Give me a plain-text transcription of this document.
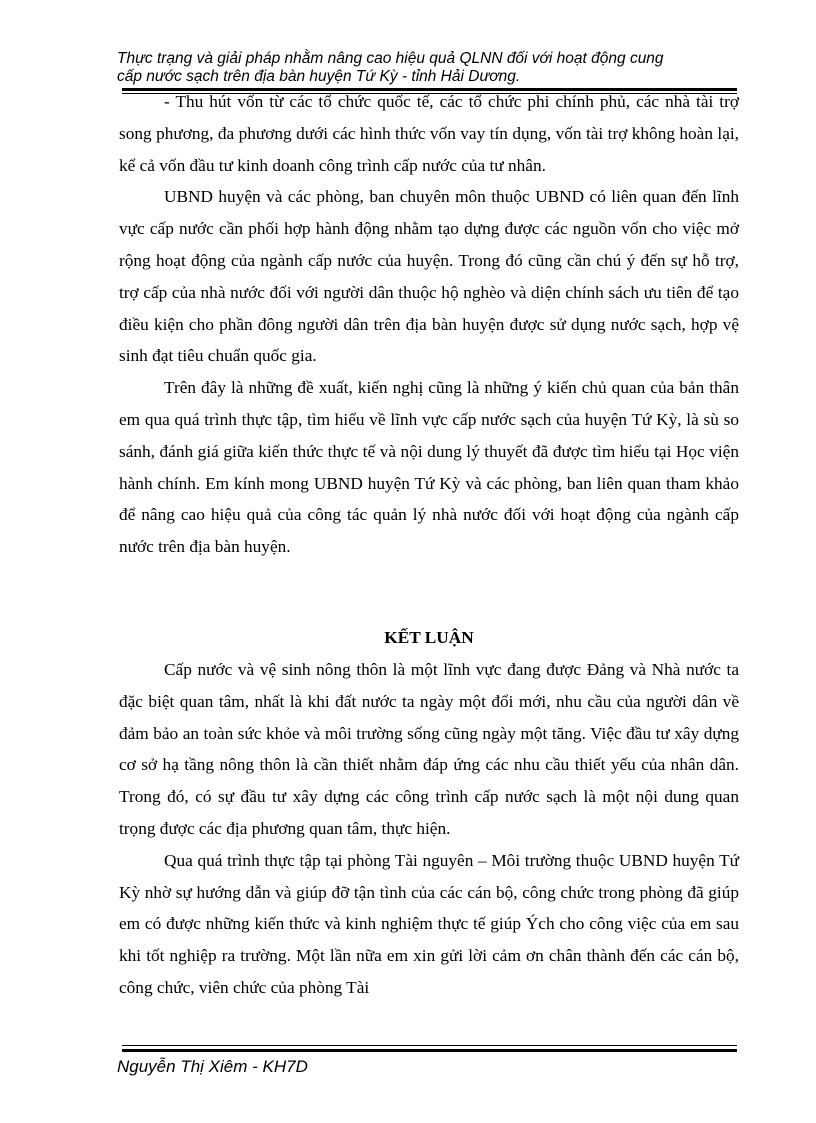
Thực trạng và giải pháp nhằm nâng cao hiệu quả QLNN đối với hoạt động cung
cấp nước sạch trên địa bàn huyện Tứ Kỳ - tỉnh Hải Dương.

- Thu hút vốn từ các tổ chức quốc tế, các tổ chức phi chính phủ, các nhà tài trợ song phương, đa phương dưới các hình thức vốn vay tín dụng, vốn tài trợ không hoàn lại, kể cả vốn đầu tư kinh doanh công trình cấp nước của tư nhân.

UBND huyện và các phòng, ban chuyên môn thuộc UBND có liên quan đến lĩnh vực cấp nước cần phối hợp hành động nhằm tạo dựng được các nguồn vốn cho việc mở rộng hoạt động của ngành cấp nước của huyện. Trong đó cũng cần chú ý đến sự hỗ trợ, trợ cấp của nhà nước đối với người dân thuộc hộ nghèo và diện chính sách ưu tiên để tạo điều kiện cho phần đông người dân trên địa bàn huyện được sử dụng nước sạch, hợp vệ sinh đạt tiêu chuẩn quốc gia.

Trên đây là những đề xuất, kiến nghị cũng là những ý kiến chủ quan của bản thân em qua quá trình thực tập, tìm hiểu về lĩnh vực cấp nước sạch của huyện Tứ Kỳ, là sù so sánh, đánh giá giữa kiến thức thực tế và nội dung lý thuyết đã được tìm hiểu tại Học viện hành chính. Em kính mong UBND huyện Tứ Kỳ và các phòng, ban liên quan tham khảo để nâng cao hiệu quả của công tác quản lý nhà nước đối với hoạt động của ngành cấp nước trên địa bàn huyện.

KẾT LUẬN

Cấp nước và vệ sinh nông thôn là một lĩnh vực đang được Đảng và Nhà nước ta đặc biệt quan tâm, nhất là khi đất nước ta ngày một đổi mới, nhu cầu của người dân về đảm bảo an toàn sức khỏe và môi trường sống cũng ngày một tăng. Việc đầu tư xây dựng cơ sở hạ tầng nông thôn là cần thiết nhằm đáp ứng các nhu cầu thiết yếu của nhân dân. Trong đó, có sự đầu tư xây dựng các công trình cấp nước sạch là một nội dung quan trọng được các địa phương quan tâm, thực hiện.

Qua quá trình thực tập tại phòng Tài nguyên – Môi trường thuộc UBND huyện Tứ Kỳ nhờ sự hướng dẫn và giúp đỡ tận tình của các cán bộ, công chức trong phòng đã giúp em có được những kiến thức và kinh nghiệm thực tế giúp Ých cho công việc của em sau khi tốt nghiệp ra trường. Một lần nữa em xin gửi lời cảm ơn chân thành đến các cán bộ, công chức, viên chức của phòng Tài

Nguyễn Thị Xiêm - KH7D
